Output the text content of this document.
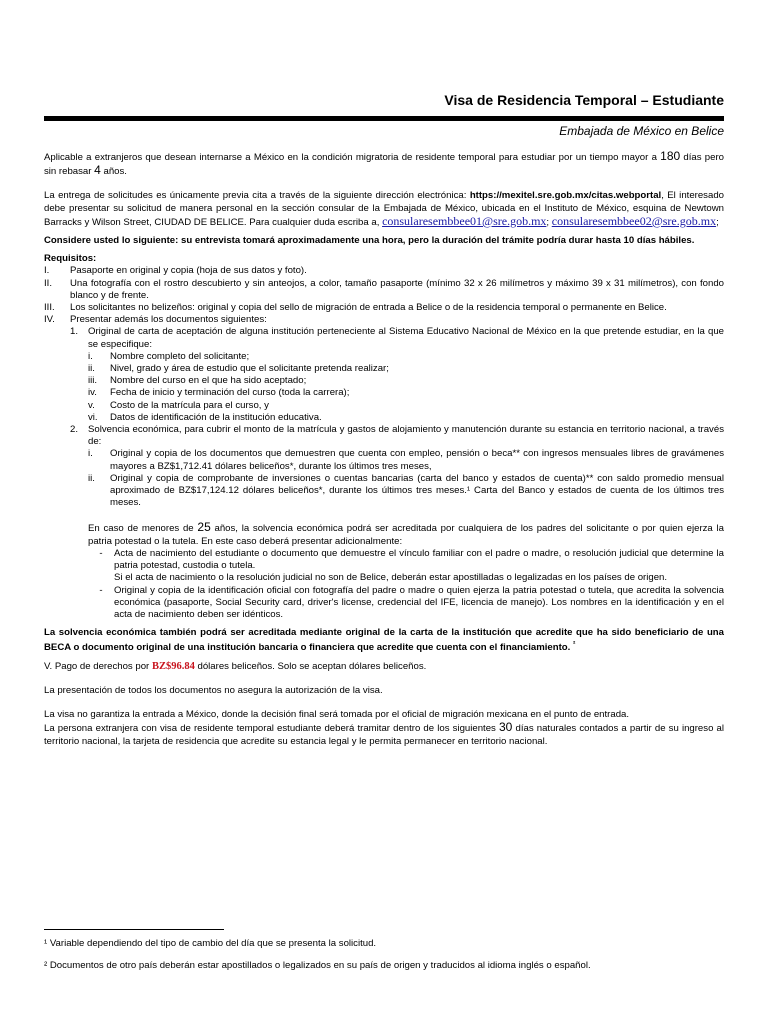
Visa de Residencia Temporal – Estudiante
Embajada de México en Belice

Aplicable a extranjeros que desean internarse a México en la condición migratoria de residente temporal para estudiar por un tiempo mayor a 180 días pero sin rebasar 4 años.

La entrega de solicitudes es únicamente previa cita a través de la siguiente dirección electrónica: https://mexitel.sre.gob.mx/citas.webportal, El interesado debe presentar su solicitud de manera personal en la sección consular de la Embajada de México, ubicada en el Instituto de México, esquina de Newtown Barracks y Wilson Street, CIUDAD DE BELICE. Para cualquier duda escriba a, consularesembbee01@sre.gob.mx; consularesembbee02@sre.gob.mx;

Considere usted lo siguiente: su entrevista tomará aproximadamente una hora, pero la duración del trámite podría durar hasta 10 días hábiles.

Requisitos:

I.	Pasaporte en original y copia (hoja de sus datos y foto).
II.	Una fotografía con el rostro descubierto y sin anteojos, a color, tamaño pasaporte (mínimo 32 x 26 milímetros y máximo 39 x 31 milímetros), con fondo blanco y de frente.
III.	Los solicitantes no belizeños: original y copia del sello de migración de entrada a Belice o de la residencia temporal o permanente en Belice.
IV.	Presentar además los documentos siguientes:
1.	Original de carta de aceptación de alguna institución perteneciente al Sistema Educativo Nacional de México en la que pretende estudiar, en la que se especifique:
i.	Nombre completo del solicitante;
ii.	Nivel, grado y área de estudio que el solicitante pretenda realizar;
iii.	Nombre del curso en el que ha sido aceptado;
iv.	Fecha de inicio y terminación del curso (toda la carrera);
v.	Costo de la matrícula para el curso, y
vi.	Datos de identificación de la institución educativa.
2.	Solvencia económica, para cubrir el monto de la matrícula y gastos de alojamiento y manutención durante su estancia en territorio nacional, a través de:
i.	Original y copia de los documentos que demuestren que cuenta con empleo, pensión o beca** con ingresos mensuales libres de gravámenes mayores a BZ$1,712.41 dólares beliceños*, durante los últimos tres meses,
ii.	Original y copia de comprobante de inversiones o cuentas bancarias (carta del banco y estados de cuenta)** con saldo promedio mensual aproximado de BZ$17,124.12 dólares beliceños*, durante los últimos tres meses.¹ Carta del Banco y estados de cuenta de los últimos tres meses.

En caso de menores de 25 años, la solvencia económica podrá ser acreditada por cualquiera de los padres del solicitante o por quien ejerza la patria potestad o la tutela. En este caso deberá presentar adicionalmente:

-	Acta de nacimiento del estudiante o documento que demuestre el vínculo familiar con el padre o madre, o resolución judicial que determine la patria potestad, custodia o tutela.
Si el acta de nacimiento o la resolución judicial no son de Belice, deberán estar apostilladas o legalizadas en los países de origen.
-	Original y copia de la identificación oficial con fotografía del padre o madre o quien ejerza la patria potestad o tutela, que acredita la solvencia económica (pasaporte, Social Security card, driver's license, credencial del IFE, licencia de manejo). Los nombres en la identificación y en el acta de nacimiento deben ser idénticos.

La solvencia económica también podrá ser acreditada mediante original de la carta de la institución que acredite que ha sido beneficiario de una BECA o documento original de una institución bancaria o financiera que acredite que cuenta con el financiamiento. $^{^2}$

V. Pago de derechos por BZ$96.84 dólares beliceños. Solo se aceptan dólares beliceños.

La presentación de todos los documentos no asegura la autorización de la visa.

La visa no garantiza la entrada a México, donde la decisión final será tomada por el oficial de migración mexicana en el punto de entrada.

La persona extranjera con visa de residente temporal estudiante deberá tramitar dentro de los siguientes 30 días naturales contados a partir de su ingreso al territorio nacional, la tarjeta de residencia que acredite su estancia legal y le permita permanecer en territorio nacional.

¹ Variable dependiendo del tipo de cambio del día que se presenta la solicitud.
² Documentos de otro país deberán estar apostillados o legalizados en su país de origen y traducidos al idioma inglés o español.
